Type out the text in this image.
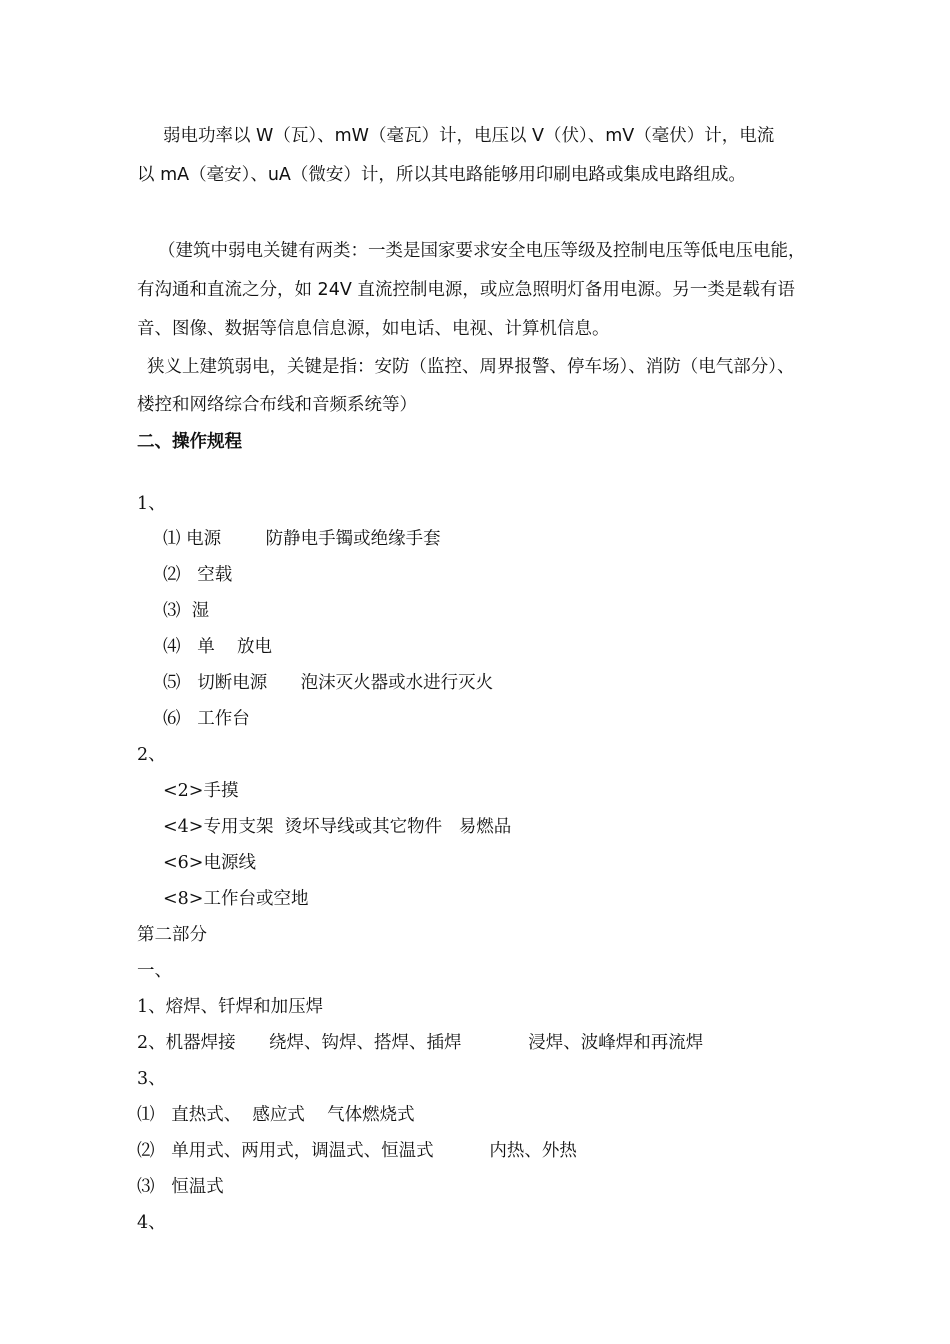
弱电功率以 W（瓦）、mW（毫瓦）计，电压以 V（伏）、mV（毫伏）计，电流
以 mA（毫安）、uA（微安）计，所以其电路能够用印刷电路或集成电路组成。
（建筑中弱电关键有两类：一类是国家要求安全电压等级及控制电压等低电压电能，
有沟通和直流之分，如 24V 直流控制电源，或应急照明灯备用电源。另一类是载有语
音、图像、数据等信息信息源，如电话、电视、计算机信息。
狭义上建筑弱电，关键是指：安防（监控、周界报警、停车场）、消防（电气部分）、
楼控和网络综合布线和音频系统等）
二、操作规程
1、
⑴ 电源        防静电手镯或绝缘手套
⑵   空载
⑶  湿
⑷   单    放电
⑸   切断电源      泡沫灭火器或水进行灭火
⑹   工作台
2、
<2>手摸
<4>专用支架  烫坏导线或其它物件   易燃品
<6>电源线
<8>工作台或空地
第二部分
一、
1、熔焊、钎焊和加压焊
2、机器焊接      绕焊、钩焊、搭焊、插焊            浸焊、波峰焊和再流焊
3、
⑴   直热式、  感应式    气体燃烧式
⑵   单用式、两用式，调温式、恒温式          内热、外热
⑶   恒温式
4、
